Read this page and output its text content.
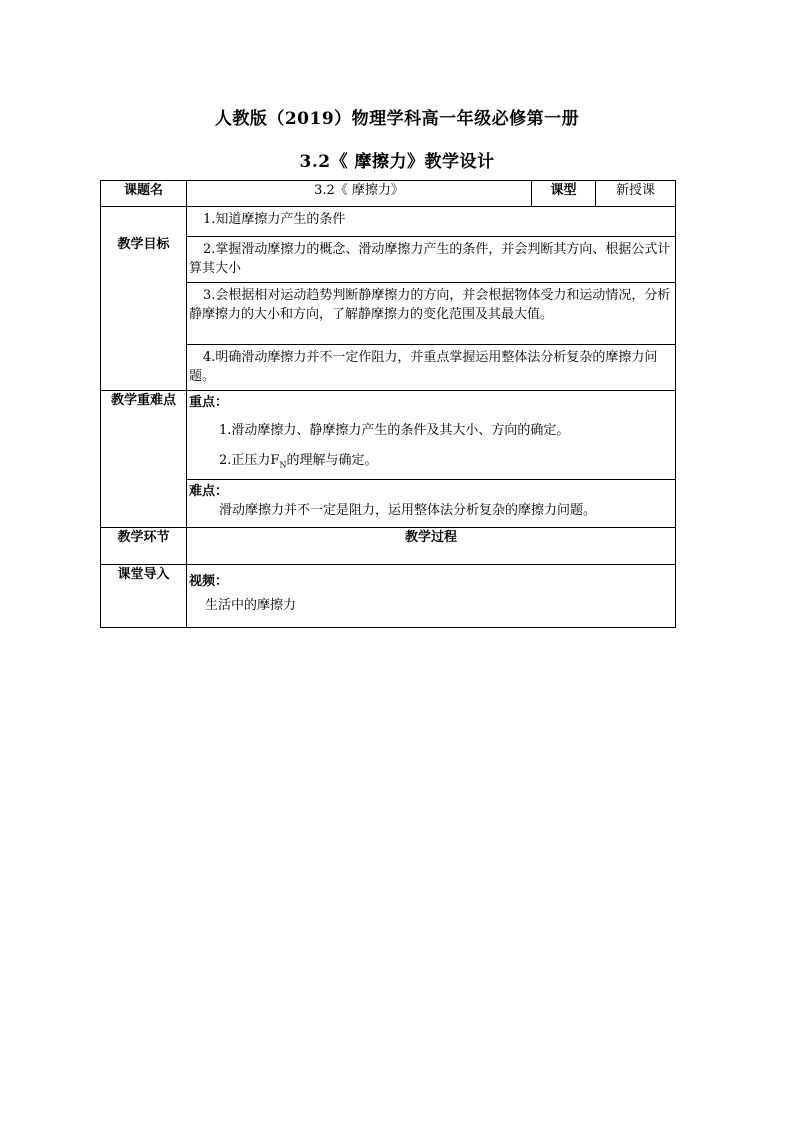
人教版（2019）物理学科高一年级必修第一册
3.2《 摩擦力》教学设计
课题名	3.2《 摩擦力》	课型	新授课
教学目标	1.知道摩擦力产生的条件		

	2.掌握滑动摩擦力的概念、滑动摩擦力产生的条件，并会判断其方向、根据公式计算其大小		

	3.会根据相对运动趋势判断静摩擦力的方向，并会根据物体受力和运动情况，分析静摩擦力的大小和方向，了解静摩擦力的变化范围及其最大值。		

	4.明确滑动摩擦力并不一定作阻力，并重点掌握运用整体法分析复杂的摩擦力问题。		

教学重难点	重点：
1.滑动摩擦力、静摩擦力产生的条件及其大小、方向的确定。
2.正压力$F_N$的理解与确定。		

	难点：
滑动摩擦力并不一定是阻力，运用整体法分析复杂的摩擦力问题。		

教学环节	教学过程		
课堂导入	视频：
生活中的摩擦力		
